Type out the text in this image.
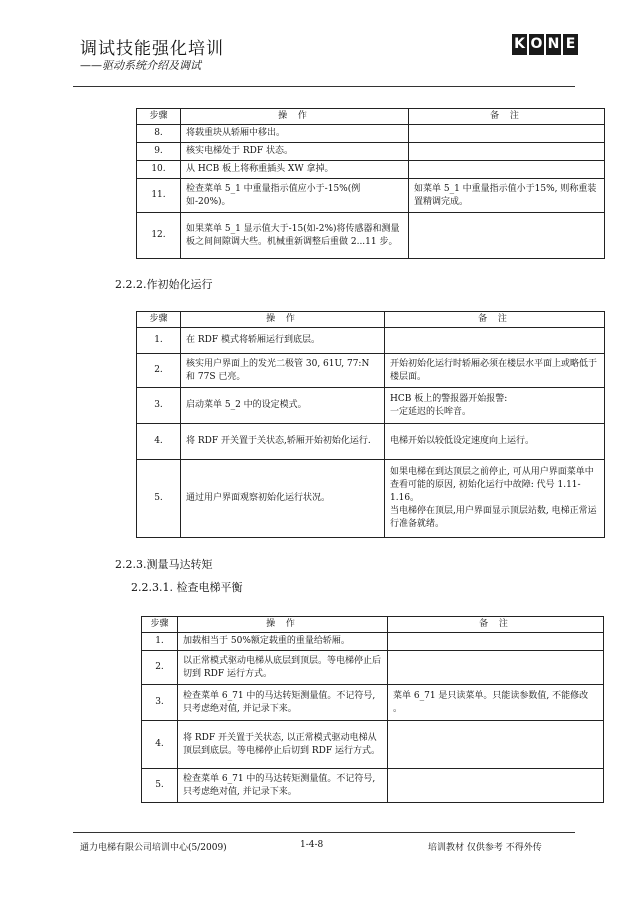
调试技能强化培训
——驱动系统介绍及调试
K O N E
步骤	操 作	备 注
8.	将载重块从轿厢中移出。	
9.	核实电梯处于 RDF 状态。	
10.	从 HCB 板上将称重插头 XW 拿掉。	
11.	检查菜单 5_1 中重量指示值应小于-15%(例如-20%)。	如菜单 5_1 中重量指示值小于15%, 则称重装置精调完成。
12.	如果菜单 5_1 显示值大于-15(如-2%)将传感器和测量板之间间隙调大些。机械重新调整后重做 2...11 步。	
2.2.2.作初始化运行
步骤	操 作	备 注
1.	在 RDF 模式将轿厢运行到底层。	
2.	核实用户界面上的发光二极管 30, 61U, 77:N 和 77S 已亮。	开始初始化运行时轿厢必须在楼层水平面上或略低于楼层面。
3.	启动菜单 5_2 中的设定模式。	HCB 板上的警报器开始报警:
一定延迟的长哞音。
4.	将 RDF 开关置于关状态,轿厢开始初始化运行.	电梯开始以较低设定速度向上运行。
5.	通过用户界面观察初始化运行状况。	如果电梯在到达顶层之前停止, 可从用户界面菜单中查看可能的原因, 初始化运行中故障: 代号 1.11-1.16。
当电梯停在顶层,用户界面显示顶层站数, 电梯正常运行准备就绪。
2.2.3.测量马达转矩
2.2.3.1. 检查电梯平衡
步骤	操 作	备 注
1.	加载相当于 50%额定载重的重量给轿厢。	
2.	以正常模式驱动电梯从底层到顶层。等电梯停止后切到 RDF 运行方式。	
3.	检查菜单 6_71 中的马达转矩测量值。不记符号, 只考虑绝对值, 并记录下来。	菜单 6_71 是只读菜单。只能读参数值, 不能修改 。
4.	将 RDF 开关置于关状态, 以正常模式驱动电梯从顶层到底层。等电梯停止后切到 RDF 运行方式。	
5.	检查菜单 6_71 中的马达转矩测量值。不记符号, 只考虑绝对值, 并记录下来。	
通力电梯有限公司培训中心(5/2009)	1-4-8	培训教材 仅供参考 不得外传
